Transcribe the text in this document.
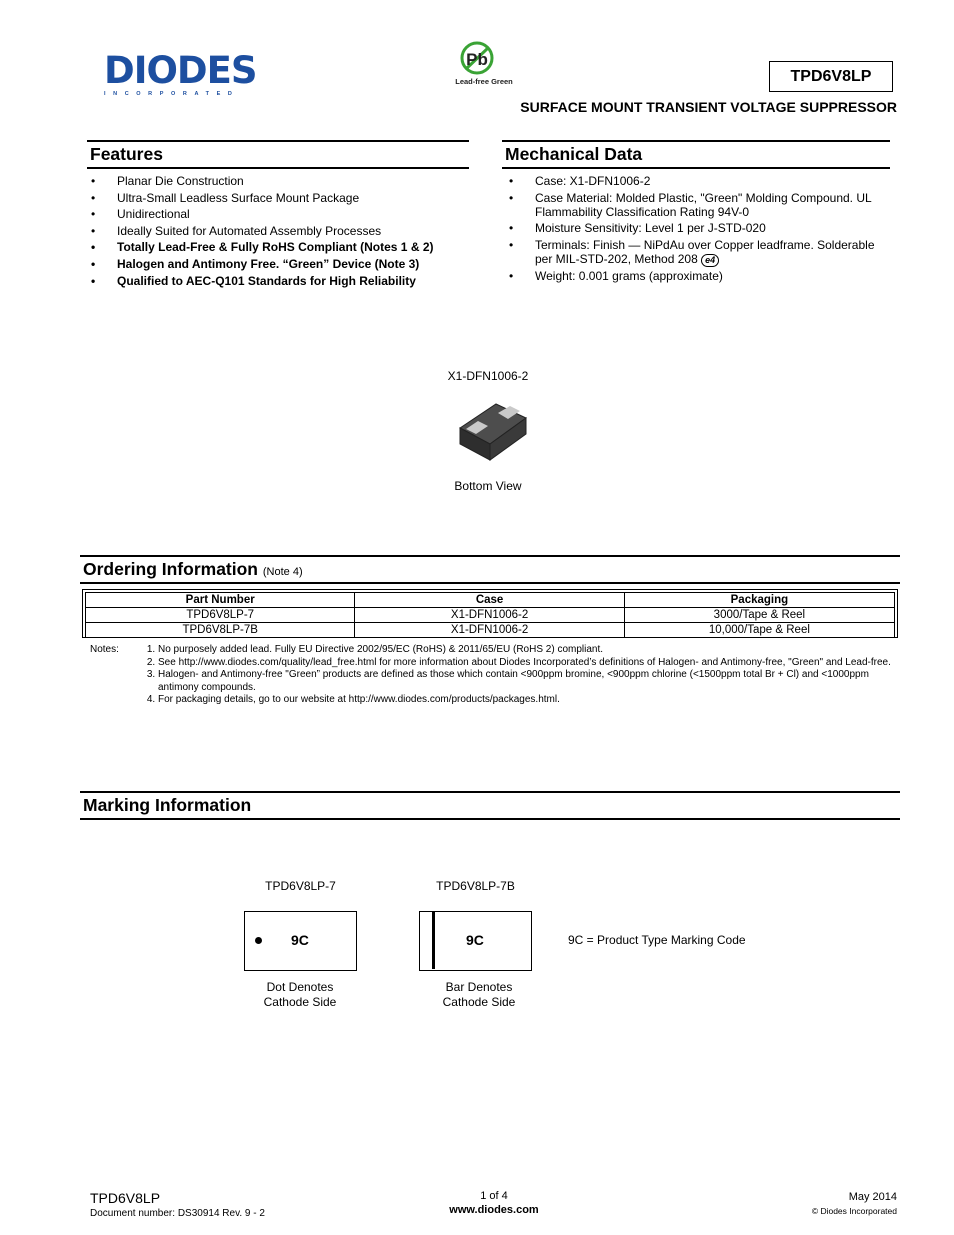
DIODES
INCORPORATED
Pb
Lead-free Green	TPD6V8LP
SURFACE MOUNT TRANSIENT VOLTAGE SUPPRESSOR
Features
• Planar Die Construction
• Ultra-Small Leadless Surface Mount Package
• Unidirectional
• Ideally Suited for Automated Assembly Processes
• Totally Lead-Free & Fully RoHS Compliant (Notes 1 & 2)
• Halogen and Antimony Free. “Green” Device (Note 3)
• Qualified to AEC-Q101 Standards for High Reliability
Mechanical Data
• Case: X1-DFN1006-2
• Case Material: Molded Plastic, "Green" Molding Compound. UL Flammability Classification Rating 94V-0
• Moisture Sensitivity: Level 1 per J-STD-020
• Terminals: Finish — NiPdAu over Copper leadframe. Solderable per MIL-STD-202, Method 208 e4
• Weight: 0.001 grams (approximate)
X1-DFN1006-2
Bottom View
Ordering Information (Note 4)
Part Number	Case	Packaging
TPD6V8LP-7	X1-DFN1006-2	3000/Tape & Reel
TPD6V8LP-7B	X1-DFN1006-2	10,000/Tape & Reel
Notes:	1. No purposely added lead. Fully EU Directive 2002/95/EC (RoHS) & 2011/65/EU (RoHS 2) compliant.
2. See http://www.diodes.com/quality/lead_free.html for more information about Diodes Incorporated’s definitions of Halogen- and Antimony-free, "Green" and Lead-free.
3. Halogen- and Antimony-free "Green” products are defined as those which contain <900ppm bromine, <900ppm chlorine (<1500ppm total Br + Cl) and <1000ppm antimony compounds.
4. For packaging details, go to our website at http://www.diodes.com/products/packages.html.
Marking Information
TPD6V8LP-7	TPD6V8LP-7B
9C	9C	9C = Product Type Marking Code
Dot Denotes
Cathode Side
Bar Denotes
Cathode Side
TPD6V8LP
Document number: DS30914 Rev. 9 - 2
1 of 4
www.diodes.com
May 2014
© Diodes Incorporated
